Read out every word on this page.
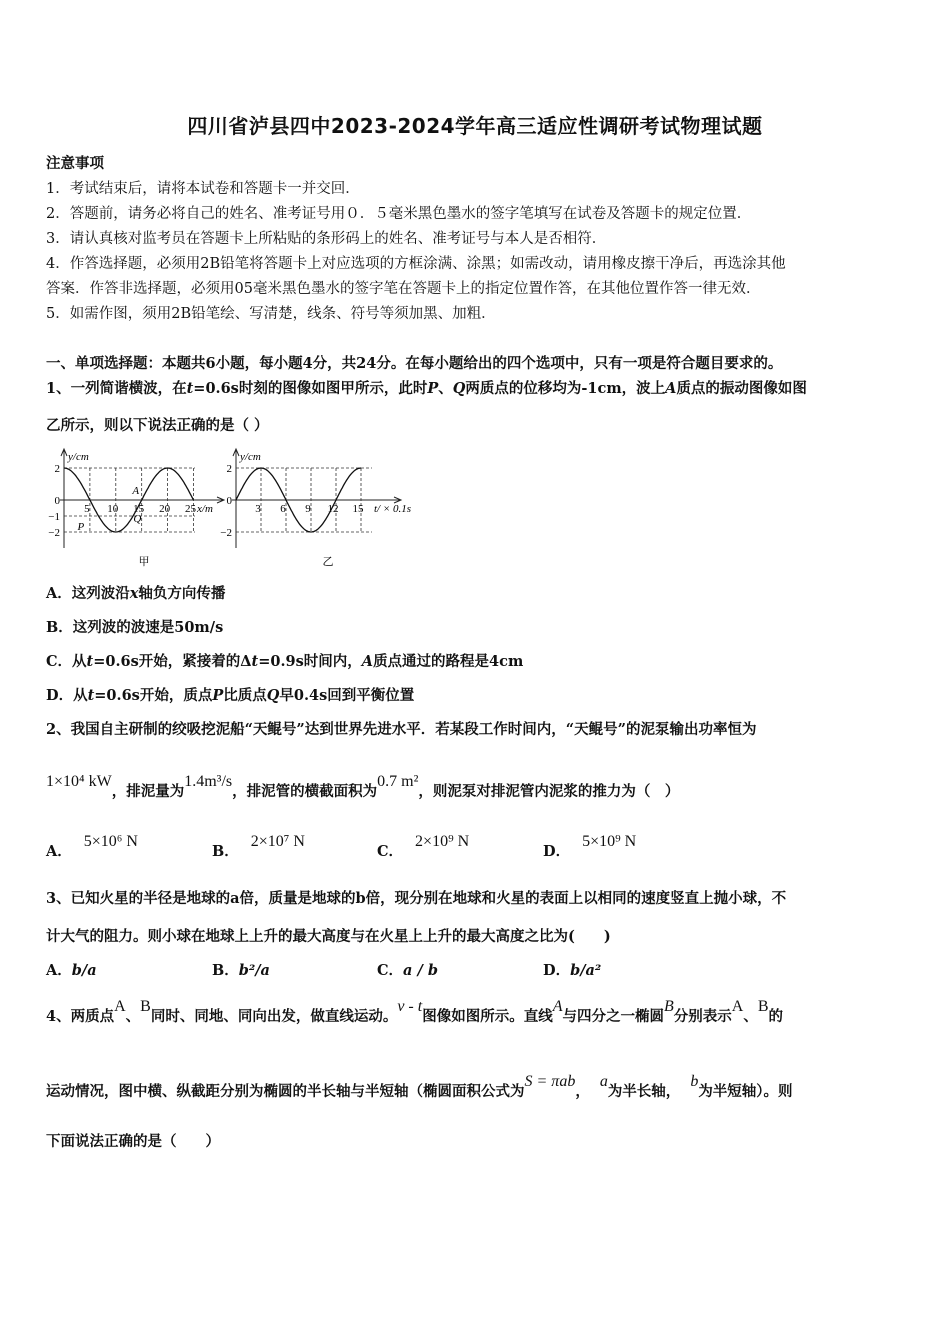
四川省泸县四中2023-2024学年高三适应性调研考试物理试题
注意事项
1．考试结束后，请将本试卷和答题卡一并交回．
2．答题前，请务必将自己的姓名、准考证号用０．５毫米黑色墨水的签字笔填写在试卷及答题卡的规定位置．
3．请认真核对监考员在答题卡上所粘贴的条形码上的姓名、准考证号与本人是否相符．
4．作答选择题，必须用2B铅笔将答题卡上对应选项的方框涂满、涂黑；如需改动，请用橡皮擦干净后，再选涂其他
答案．作答非选择题，必须用05毫米黑色墨水的签字笔在答题卡上的指定位置作答，在其他位置作答一律无效．
5．如需作图，须用2B铅笔绘、写清楚，线条、符号等须加黑、加粗．
一、单项选择题：本题共6小题，每小题4分，共24分。在每小题给出的四个选项中，只有一项是符合题目要求的。
1、一列简谐横波，在t=0.6s时刻的图像如图甲所示，此时P、Q两质点的位移均为-1cm，波上A质点的振动图像如图
乙所示，则以下说法正确的是（ ）
y/cm
x/m
2
0
−1
−2
5 10 15 20 25
甲
A
P
Q
y/cm
t/ × 0.1s
2
0
−2
3 6 9 12 15
乙
A．这列波沿x轴负方向传播
B．这列波的波速是50m/s
C．从t=0.6s开始，紧接着的Δt=0.9s时间内，A质点通过的路程是4cm
D．从t=0.6s开始，质点P比质点Q早0.4s回到平衡位置
2、我国自主研制的绞吸挖泥船“天鲲号”达到世界先进水平．若某段工作时间内，“天鲲号”的泥泵输出功率恒为
1×10⁴ kW，排泥量为1.4m³/s，排泥管的横截面积为0.7 m²，则泥泵对排泥管内泥浆的推力为（　）
A．5×10⁶ N
B．2×10⁷ N
C．2×10⁹ N
D．5×10⁹ N
3、已知火星的半径是地球的a倍，质量是地球的b倍，现分别在地球和火星的表面上以相同的速度竖直上抛小球，不
计大气的阻力。则小球在地球上上升的最大高度与在火星上上升的最大高度之比为(　　)
A．b/a	B．b²/a	C．a / b	D．b/a²
4、两质点A、B同时、同地、同向出发，做直线运动。v - t图像如图所示。直线A与四分之一椭圆B分别表示A、B的
运动情况，图中横、纵截距分别为椭圆的半长轴与半短轴（椭圆面积公式为S = πab，a为半长轴，b为半短轴）。则
下面说法正确的是（　　）
